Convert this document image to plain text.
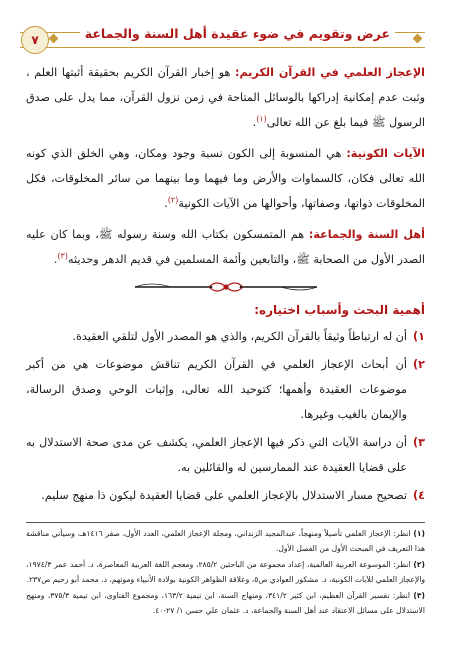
عرض وتقويم في ضوء عقيدة أهل السنة والجماعة
٧

الإعجاز العلمي في القرآن الكريم: هو إخبار القرآن الكريم بحقيقة أثبتها العلم ، وثبت عدم إمكانية إدراكها بالوسائل المتاحة في زمن نزول القرآن، مما يدل على صدق الرسول ﷺ فيما بلغ عن الله تعالى$^{(١)}$.

الآيات الكونية: هي المنسوبة إلى الكون نسبة وجود ومكان، وهي الخلق الذي كونه الله تعالى فكان، كالسماوات والأرض وما فيهما وما بينهما من سائر المخلوقات، فكل المخلوقات ذواتها، وصفاتها، وأحوالها من الآيات الكونية$^{(٢)}$.

أهل السنة والجماعة: هم المتمسكون بكتاب الله وسنة رسوله ﷺ، وبما كان عليه الصدر الأول من الصحابة ﷺ، والتابعين وأئمة المسلمين في قديم الدهر وحديثه$^{(٣)}$.

أهمية البحث وأسباب اختياره:
١)
أن له ارتباطاً وثيقاً بالقرآن الكريم، والذي هو المصدر الأول لتلقي العقيدة.
٢)
أن أبحاث الإعجاز العلمي في القرآن الكريم تناقش موضوعات هي من أكبر موضوعات العقيدة وأهمها؛ كتوحيد الله تعالى، وإثبات الوحي وصدق الرسالة، والإيمان بالغيب وغيرها.
٣)
أن دراسة الآيات التي ذكر فيها الإعجاز العلمي، يكشف عن مدى صحة الاستدلال به على قضايا العقيدة عند الممارسين له والقائلين به.
٤)
تصحيح مسار الاستدلال بالإعجاز العلمي على قضايا العقيدة ليكون ذا منهج سليم.

(١) انظر: الإعجاز العلمي تأصيلاً ومنهجاً، عبدالمجيد الزنداني، ومجلة الإعجاز العلمي، العدد الأول، صفر ١٤١٦هـ، وسيأتي مناقشة هذا التعريف في المبحث الأول من الفصل الأول.

(٢) انظر: الموسوعة العربية العالمية، إعداد مجموعة من الباحثين ٢٨٥/٢، ومعجم اللغة العربية المعاصرة، د. أحمد عمر ١٩٧٤/٣، والإعجاز العلمي للآيات الكونية، د. مشكور العوادي ص٥، وعلاقة الظواهر الكونية بولادة الأنبياء وموتهم، د. محمد أبو رحيم ص٢٣٧.

(٣) انظر: تفسير القرآن العظيم، ابن كثير ٣٤١/٢، ومنهاج السنة، ابن تيمية ١٦٣/٢، ومجموع الفتاوى، ابن تيمية ٣٧٥/٣، ومنهج الاستدلال على مسائل الاعتقاد عند أهل السنة والجماعة، د. عثمان علي حسن ١/ ٢٧-٤٠.
